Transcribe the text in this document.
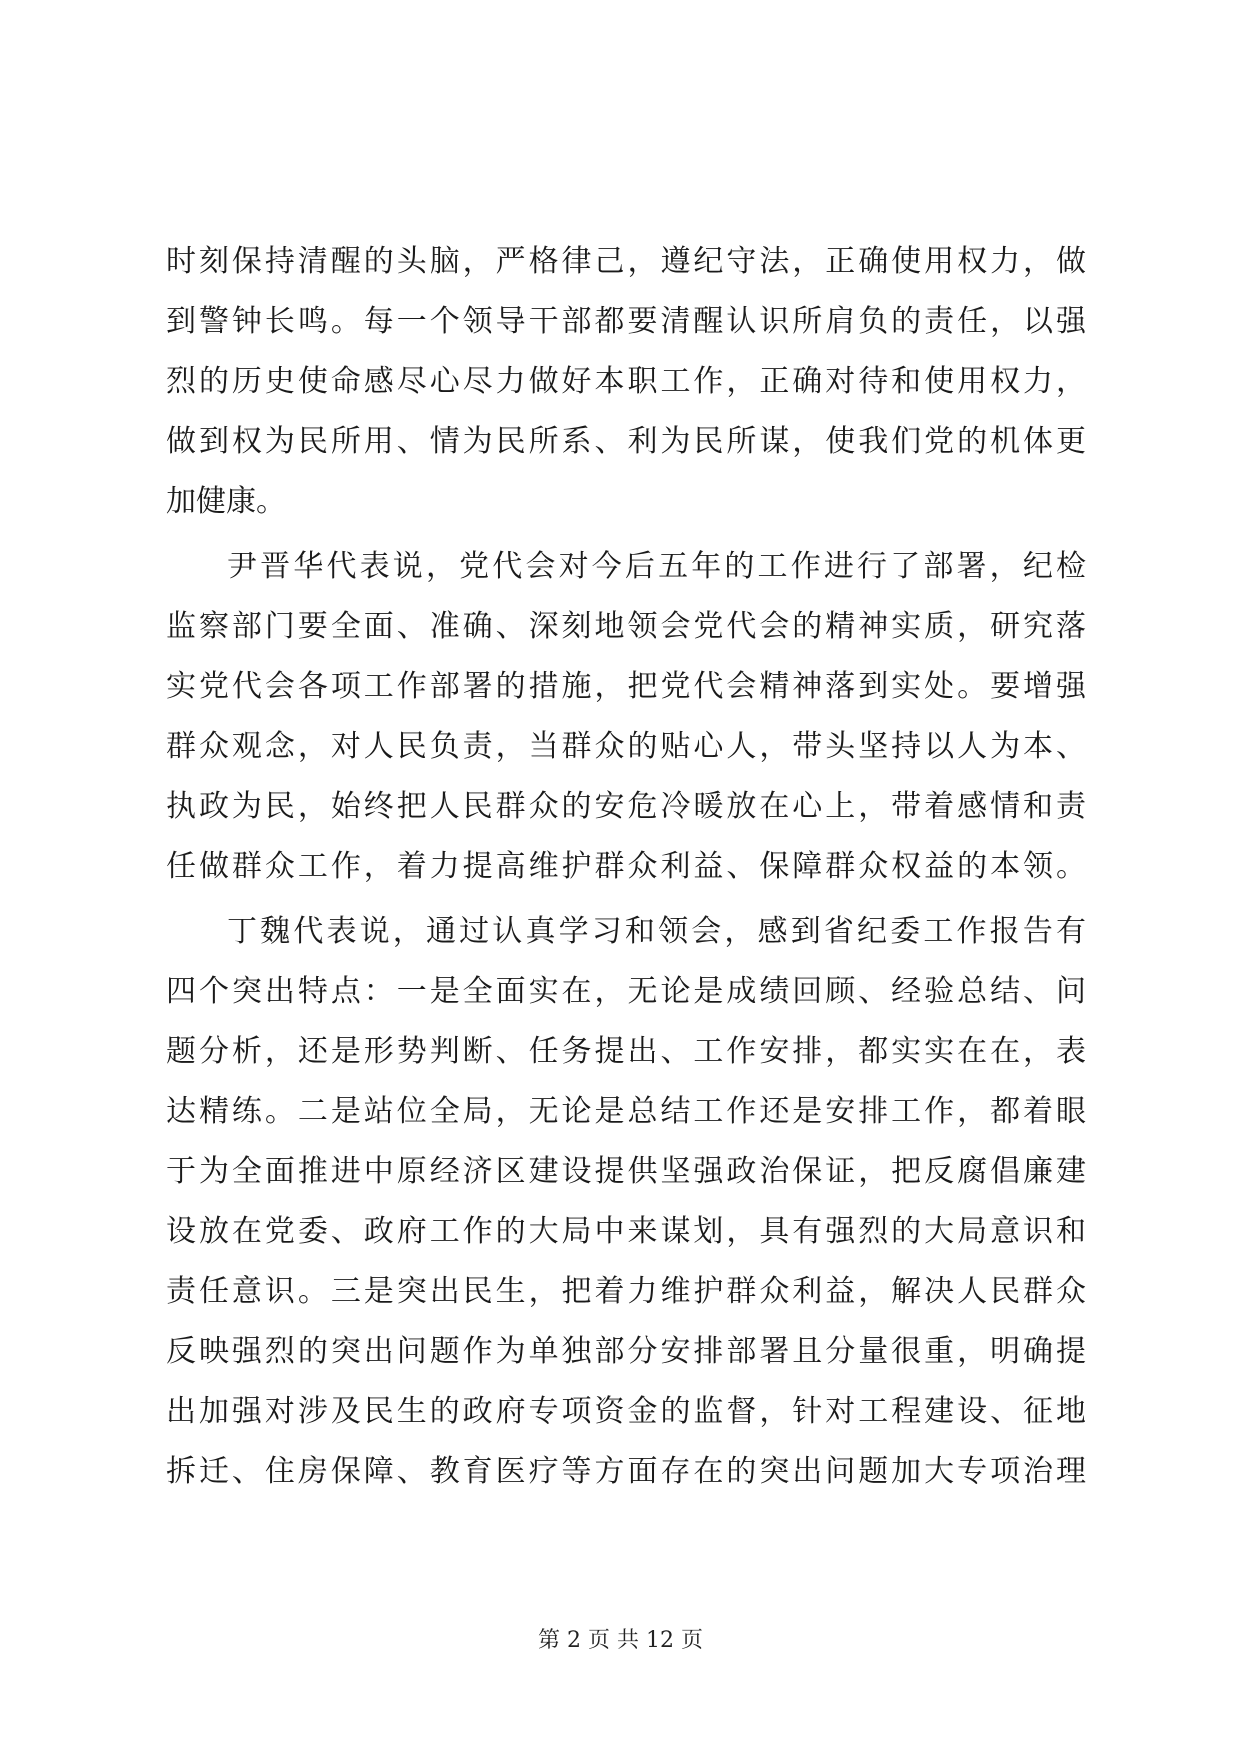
时刻保持清醒的头脑，严格律己，遵纪守法，正确使用权力，做
到警钟长鸣。每一个领导干部都要清醒认识所肩负的责任，以强
烈的历史使命感尽心尽力做好本职工作，正确对待和使用权力，
做到权为民所用、情为民所系、利为民所谋，使我们党的机体更
加健康。
尹晋华代表说，党代会对今后五年的工作进行了部署，纪检
监察部门要全面、准确、深刻地领会党代会的精神实质，研究落
实党代会各项工作部署的措施，把党代会精神落到实处。要增强
群众观念，对人民负责，当群众的贴心人，带头坚持以人为本、
执政为民，始终把人民群众的安危冷暖放在心上，带着感情和责
任做群众工作，着力提高维护群众利益、保障群众权益的本领。
丁魏代表说，通过认真学习和领会，感到省纪委工作报告有
四个突出特点：一是全面实在，无论是成绩回顾、经验总结、问
题分析，还是形势判断、任务提出、工作安排，都实实在在，表
达精练。二是站位全局，无论是总结工作还是安排工作，都着眼
于为全面推进中原经济区建设提供坚强政治保证，把反腐倡廉建
设放在党委、政府工作的大局中来谋划，具有强烈的大局意识和
责任意识。三是突出民生，把着力维护群众利益，解决人民群众
反映强烈的突出问题作为单独部分安排部署且分量很重，明确提
出加强对涉及民生的政府专项资金的监督，针对工程建设、征地
拆迁、住房保障、教育医疗等方面存在的突出问题加大专项治理
第 2 页 共 12 页
